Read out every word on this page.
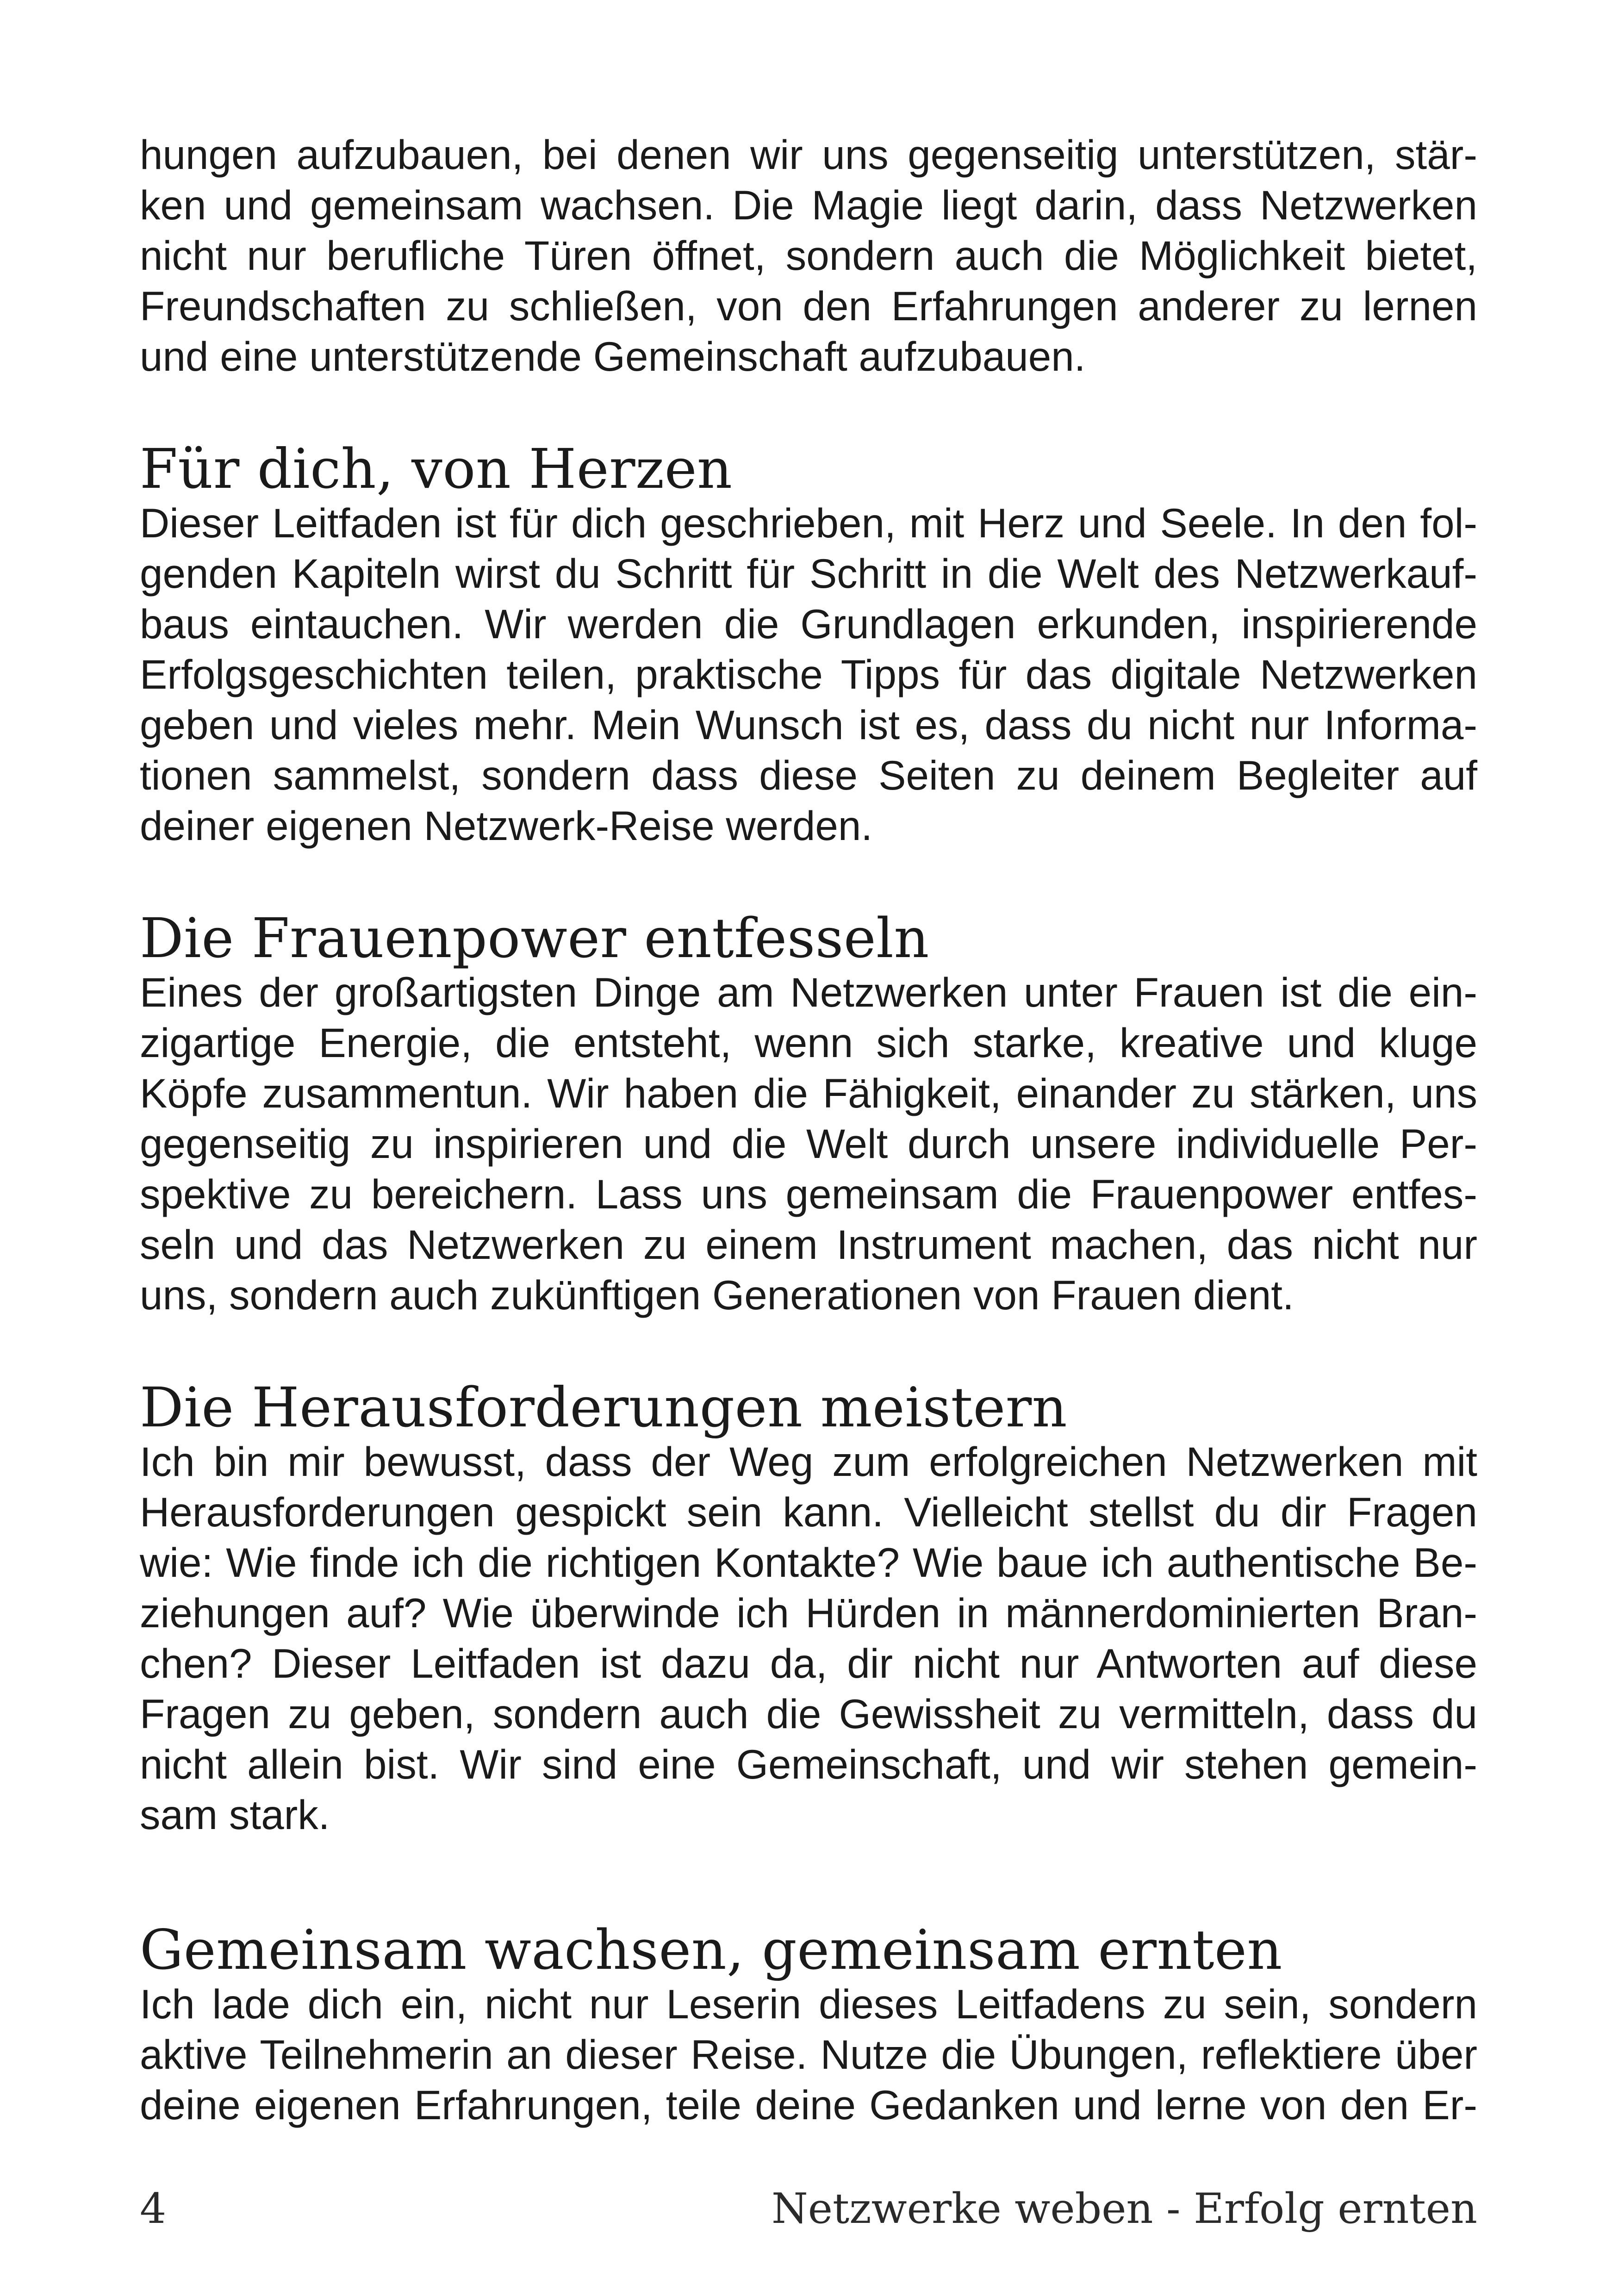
hungen aufzubauen, bei denen wir uns gegenseitig unterstützen, stär-
ken und gemeinsam wachsen. Die Magie liegt darin, dass Netzwerken
nicht nur berufliche Türen öffnet, sondern auch die Möglichkeit bietet,
Freundschaften zu schließen, von den Erfahrungen anderer zu lernen
und eine unterstützende Gemeinschaft aufzubauen.
Für dich, von Herzen
Dieser Leitfaden ist für dich geschrieben, mit Herz und Seele. In den fol-
genden Kapiteln wirst du Schritt für Schritt in die Welt des Netzwerkauf-
baus eintauchen. Wir werden die Grundlagen erkunden, inspirierende
Erfolgsgeschichten teilen, praktische Tipps für das digitale Netzwerken
geben und vieles mehr. Mein Wunsch ist es, dass du nicht nur Informa-
tionen sammelst, sondern dass diese Seiten zu deinem Begleiter auf
deiner eigenen Netzwerk-Reise werden.
Die Frauenpower entfesseln
Eines der großartigsten Dinge am Netzwerken unter Frauen ist die ein-
zigartige Energie, die entsteht, wenn sich starke, kreative und kluge
Köpfe zusammentun. Wir haben die Fähigkeit, einander zu stärken, uns
gegenseitig zu inspirieren und die Welt durch unsere individuelle Per-
spektive zu bereichern. Lass uns gemeinsam die Frauenpower entfes-
seln und das Netzwerken zu einem Instrument machen, das nicht nur
uns, sondern auch zukünftigen Generationen von Frauen dient.
Die Herausforderungen meistern
Ich bin mir bewusst, dass der Weg zum erfolgreichen Netzwerken mit
Herausforderungen gespickt sein kann. Vielleicht stellst du dir Fragen
wie: Wie finde ich die richtigen Kontakte? Wie baue ich authentische Be-
ziehungen auf? Wie überwinde ich Hürden in männerdominierten Bran-
chen? Dieser Leitfaden ist dazu da, dir nicht nur Antworten auf diese
Fragen zu geben, sondern auch die Gewissheit zu vermitteln, dass du
nicht allein bist. Wir sind eine Gemeinschaft, und wir stehen gemein-
sam stark.
Gemeinsam wachsen, gemeinsam ernten
Ich lade dich ein, nicht nur Leserin dieses Leitfadens zu sein, sondern
aktive Teilnehmerin an dieser Reise. Nutze die Übungen, reflektiere über
deine eigenen Erfahrungen, teile deine Gedanken und lerne von den Er-
4	Netzwerke weben - Erfolg ernten
